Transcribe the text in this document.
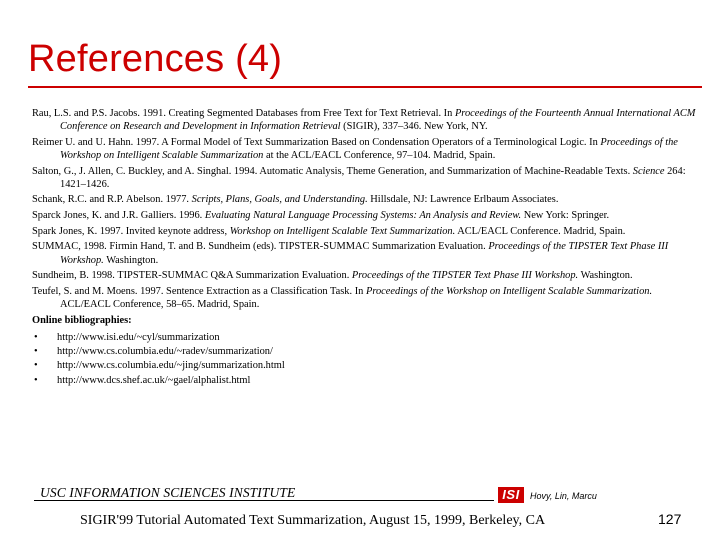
References (4)

Rau, L.S. and P.S. Jacobs. 1991. Creating Segmented Databases from Free Text for Text Retrieval. In Proceedings of the Fourteenth Annual International ACM Conference on Research and Development in Information Retrieval (SIGIR), 337–346. New York, NY.

Reimer U. and U. Hahn. 1997. A Formal Model of Text Summarization Based on Condensation Operators of a Terminological Logic. In Proceedings of the Workshop on Intelligent Scalable Summarization at the ACL/EACL Conference, 97–104. Madrid, Spain.

Salton, G., J. Allen, C. Buckley, and A. Singhal. 1994. Automatic Analysis, Theme Generation, and Summarization of Machine-Readable Texts. Science 264: 1421–1426.

Schank, R.C. and R.P. Abelson. 1977. Scripts, Plans, Goals, and Understanding. Hillsdale, NJ: Lawrence Erlbaum Associates.

Sparck Jones, K. and J.R. Galliers. 1996. Evaluating Natural Language Processing Systems: An Analysis and Review. New York: Springer.

Spark Jones, K. 1997. Invited keynote address, Workshop on Intelligent Scalable Text Summarization. ACL/EACL Conference. Madrid, Spain.

SUMMAC, 1998. Firmin Hand, T. and B. Sundheim (eds). TIPSTER-SUMMAC Summarization Evaluation. Proceedings of the TIPSTER Text Phase III Workshop. Washington.

Sundheim, B. 1998. TIPSTER-SUMMAC Q&A Summarization Evaluation. Proceedings of the TIPSTER Text Phase III Workshop. Washington.

Teufel, S. and M. Moens. 1997. Sentence Extraction as a Classification Task. In Proceedings of the Workshop on Intelligent Scalable Summarization. ACL/EACL Conference, 58–65. Madrid, Spain.

Online bibliographies:

• http://www.isi.edu/~cyl/summarization
• http://www.cs.columbia.edu/~radev/summarization/
• http://www.cs.columbia.edu/~jing/summarization.html
• http://www.dcs.shef.ac.uk/~gael/alphalist.html
USC INFORMATION SCIENCES INSTITUTE	ISI	Hovy, Lin, Marcu
SIGIR'99 Tutorial Automated Text Summarization, August 15, 1999, Berkeley, CA	127
